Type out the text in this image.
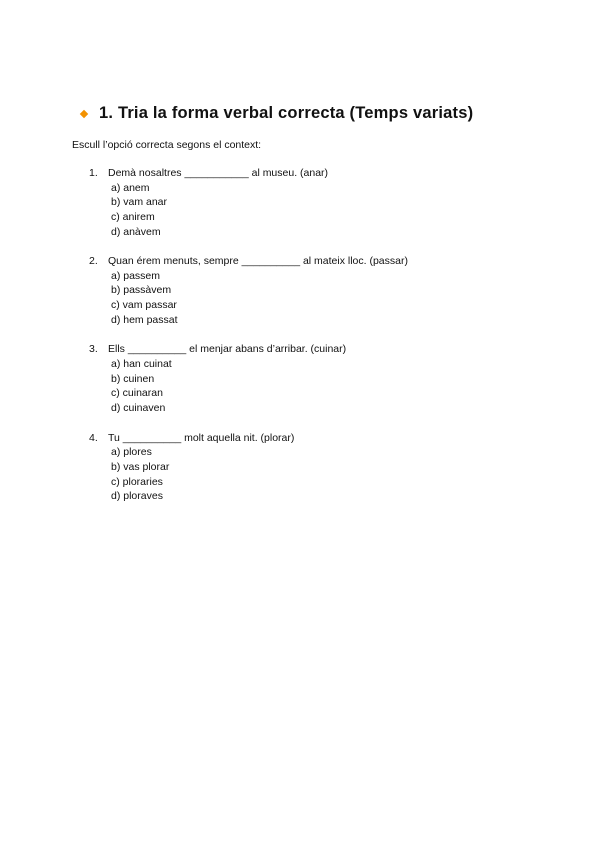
1. Tria la forma verbal correcta (Temps variats)
Escull l’opció correcta segons el context:
1. Demà nosaltres ___________ al museu. (anar)
a) anem
b) vam anar
c) anirem
d) anàvem
2. Quan érem menuts, sempre __________ al mateix lloc. (passar)
a) passem
b) passàvem
c) vam passar
d) hem passat
3. Ells __________ el menjar abans d’arribar. (cuinar)
a) han cuinat
b) cuinen
c) cuinaran
d) cuinaven
4. Tu __________ molt aquella nit. (plorar)
a) plores
b) vas plorar
c) ploraries
d) ploraves
